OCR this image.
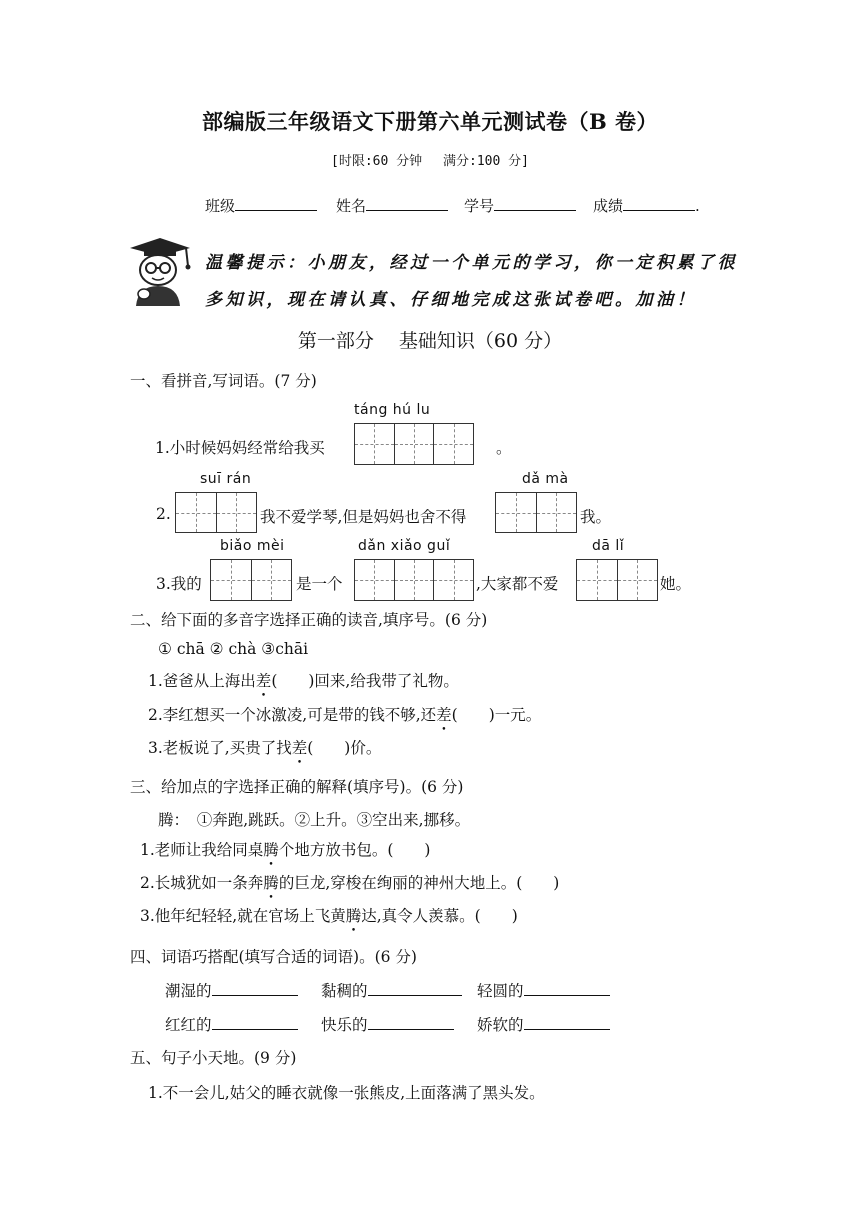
部编版三年级语文下册第六单元测试卷（B 卷）
[时限:60 分钟　 满分:100 分]
班级	姓名	学号	成绩	.
温馨提示：小朋友，经过一个单元的学习，你一定积累了很
多知识，现在请认真、仔细地完成这张试卷吧。加油！
第一部分　 基础知识（60 分）
一、看拼音,写词语。(7 分)
táng hú lu
1.小时候妈妈经常给我买	。
suī rán	dǎ mà
2.	我不爱学琴,但是妈妈也舍不得	我。
biǎo mèi	dǎn xiǎo guǐ	dā lǐ
3.我的	是一个	,大家都不爱	她。
二、给下面的多音字选择正确的读音,填序号。(6 分)
① chā ② chà ③chāi
1.爸爸从上海出差(　　)回来,给我带了礼物。
2.李红想买一个冰激凌,可是带的钱不够,还差(　　)一元。
3.老板说了,买贵了找差(　　)价。
三、给加点的字选择正确的解释(填序号)。(6 分)
腾：　①奔跑,跳跃。②上升。③空出来,挪移。
1.老师让我给同桌腾个地方放书包。(　　)
2.长城犹如一条奔腾的巨龙,穿梭在绚丽的神州大地上。(　　)
3.他年纪轻轻,就在官场上飞黄腾达,真令人羡慕。(　　)
四、词语巧搭配(填写合适的词语)。(6 分)
潮湿的	黏稠的	轻圆的
红红的	快乐的	娇软的
五、句子小天地。(9 分)
1.不一会儿,姑父的睡衣就像一张熊皮,上面落满了黑头发。
